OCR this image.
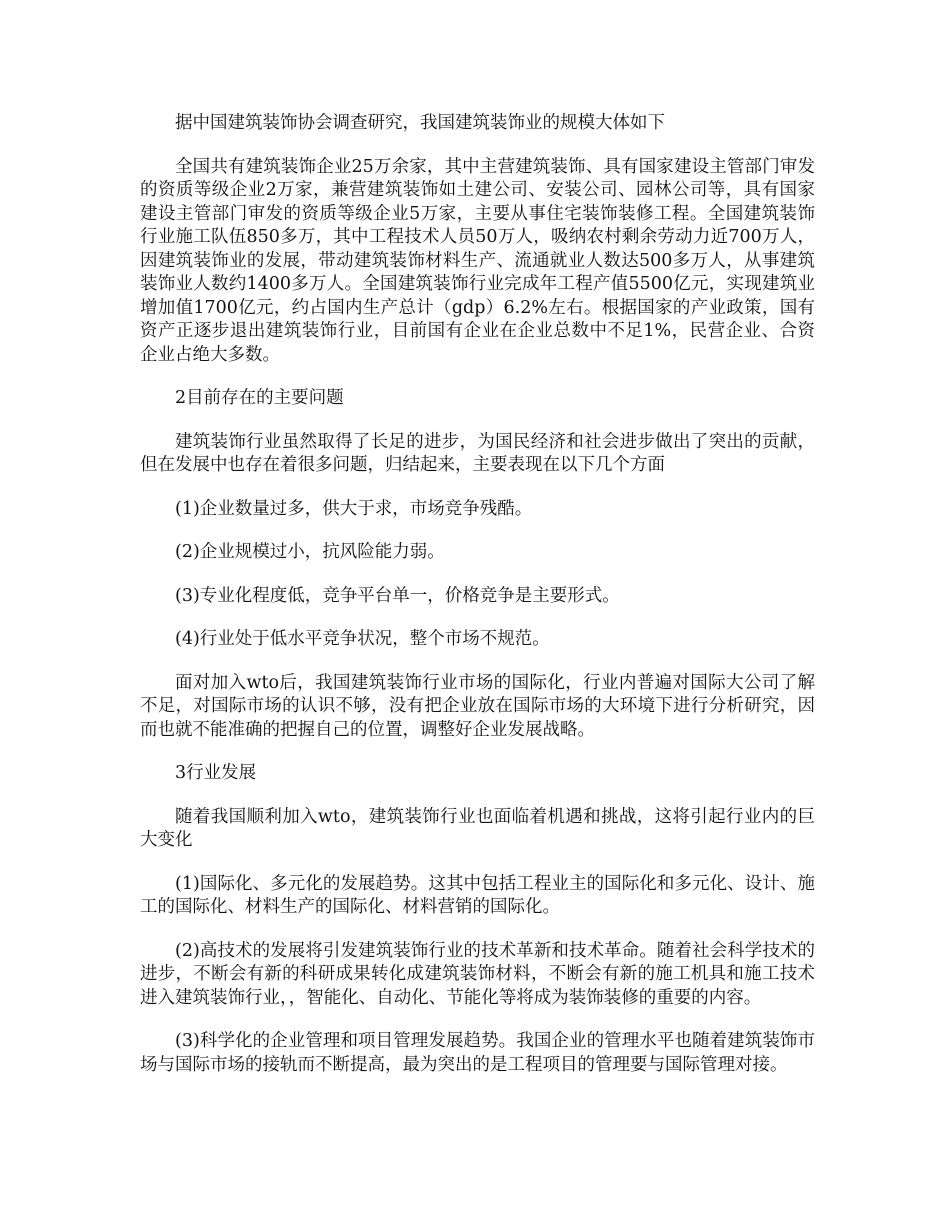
据中国建筑装饰协会调查研究，我国建筑装饰业的规模大体如下

全国共有建筑装饰企业25万余家，其中主营建筑装饰、具有国家建设主管部门审发的资质等级企业2万家，兼营建筑装饰如土建公司、安装公司、园林公司等，具有国家建设主管部门审发的资质等级企业5万家，主要从事住宅装饰装修工程。全国建筑装饰行业施工队伍850多万，其中工程技术人员50万人，吸纳农村剩余劳动力近700万人，因建筑装饰业的发展，带动建筑装饰材料生产、流通就业人数达500多万人，从事建筑装饰业人数约1400多万人。全国建筑装饰行业完成年工程产值5500亿元，实现建筑业增加值1700亿元，约占国内生产总计（gdp）6.2%左右。根据国家的产业政策，国有资产正逐步退出建筑装饰行业，目前国有企业在企业总数中不足1%，民营企业、合资企业占绝大多数。

2目前存在的主要问题

建筑装饰行业虽然取得了长足的进步，为国民经济和社会进步做出了突出的贡献，但在发展中也存在着很多问题，归结起来，主要表现在以下几个方面

(1)企业数量过多，供大于求，市场竞争残酷。

(2)企业规模过小，抗风险能力弱。

(3)专业化程度低，竞争平台单一，价格竞争是主要形式。

(4)行业处于低水平竞争状况，整个市场不规范。

面对加入wto后，我国建筑装饰行业市场的国际化，行业内普遍对国际大公司了解不足，对国际市场的认识不够，没有把企业放在国际市场的大环境下进行分析研究，因而也就不能准确的把握自己的位置，调整好企业发展战略。

3行业发展

随着我国顺利加入wto，建筑装饰行业也面临着机遇和挑战，这将引起行业内的巨大变化

(1)国际化、多元化的发展趋势。这其中包括工程业主的国际化和多元化、设计、施工的国际化、材料生产的国际化、材料营销的国际化。

(2)高技术的发展将引发建筑装饰行业的技术革新和技术革命。随着社会科学技术的进步，不断会有新的科研成果转化成建筑装饰材料，不断会有新的施工机具和施工技术进入建筑装饰行业，，智能化、自动化、节能化等将成为装饰装修的重要的内容。

(3)科学化的企业管理和项目管理发展趋势。我国企业的管理水平也随着建筑装饰市场与国际市场的接轨而不断提高，最为突出的是工程项目的管理要与国际管理对接。
